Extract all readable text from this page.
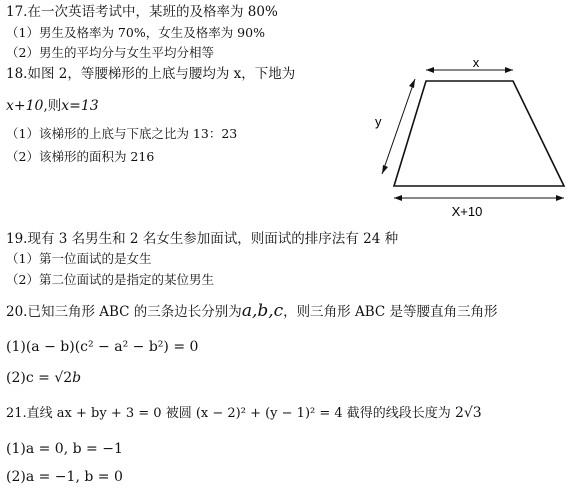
17.在一次英语考试中，某班的及格率为 80%
（1）男生及格率为 70%，女生及格率为 90%
（2）男生的平均分与女生平均分相等
18.如图 2，等腰梯形的上底与腰均为 x，下地为
x+10,则x=13
（1）该梯形的上底与下底之比为 13：23
（2）该梯形的面积为 216
x
y
X+10
19.现有 3 名男生和 2 名女生参加面试，则面试的排序法有 24 种
（1）第一位面试的是女生
（2）第二位面试的是指定的某位男生
20.已知三角形 ABC 的三条边长分别为a,b,c，则三角形 ABC 是等腰直角三角形
(1)(a − b)(c² − a² − b²) = 0
(2)c = √2b
21.直线 ax + by + 3 = 0 被圆 (x − 2)² + (y − 1)² = 4 截得的线段长度为 2√3
(1)a = 0, b = −1
(2)a = −1, b = 0
